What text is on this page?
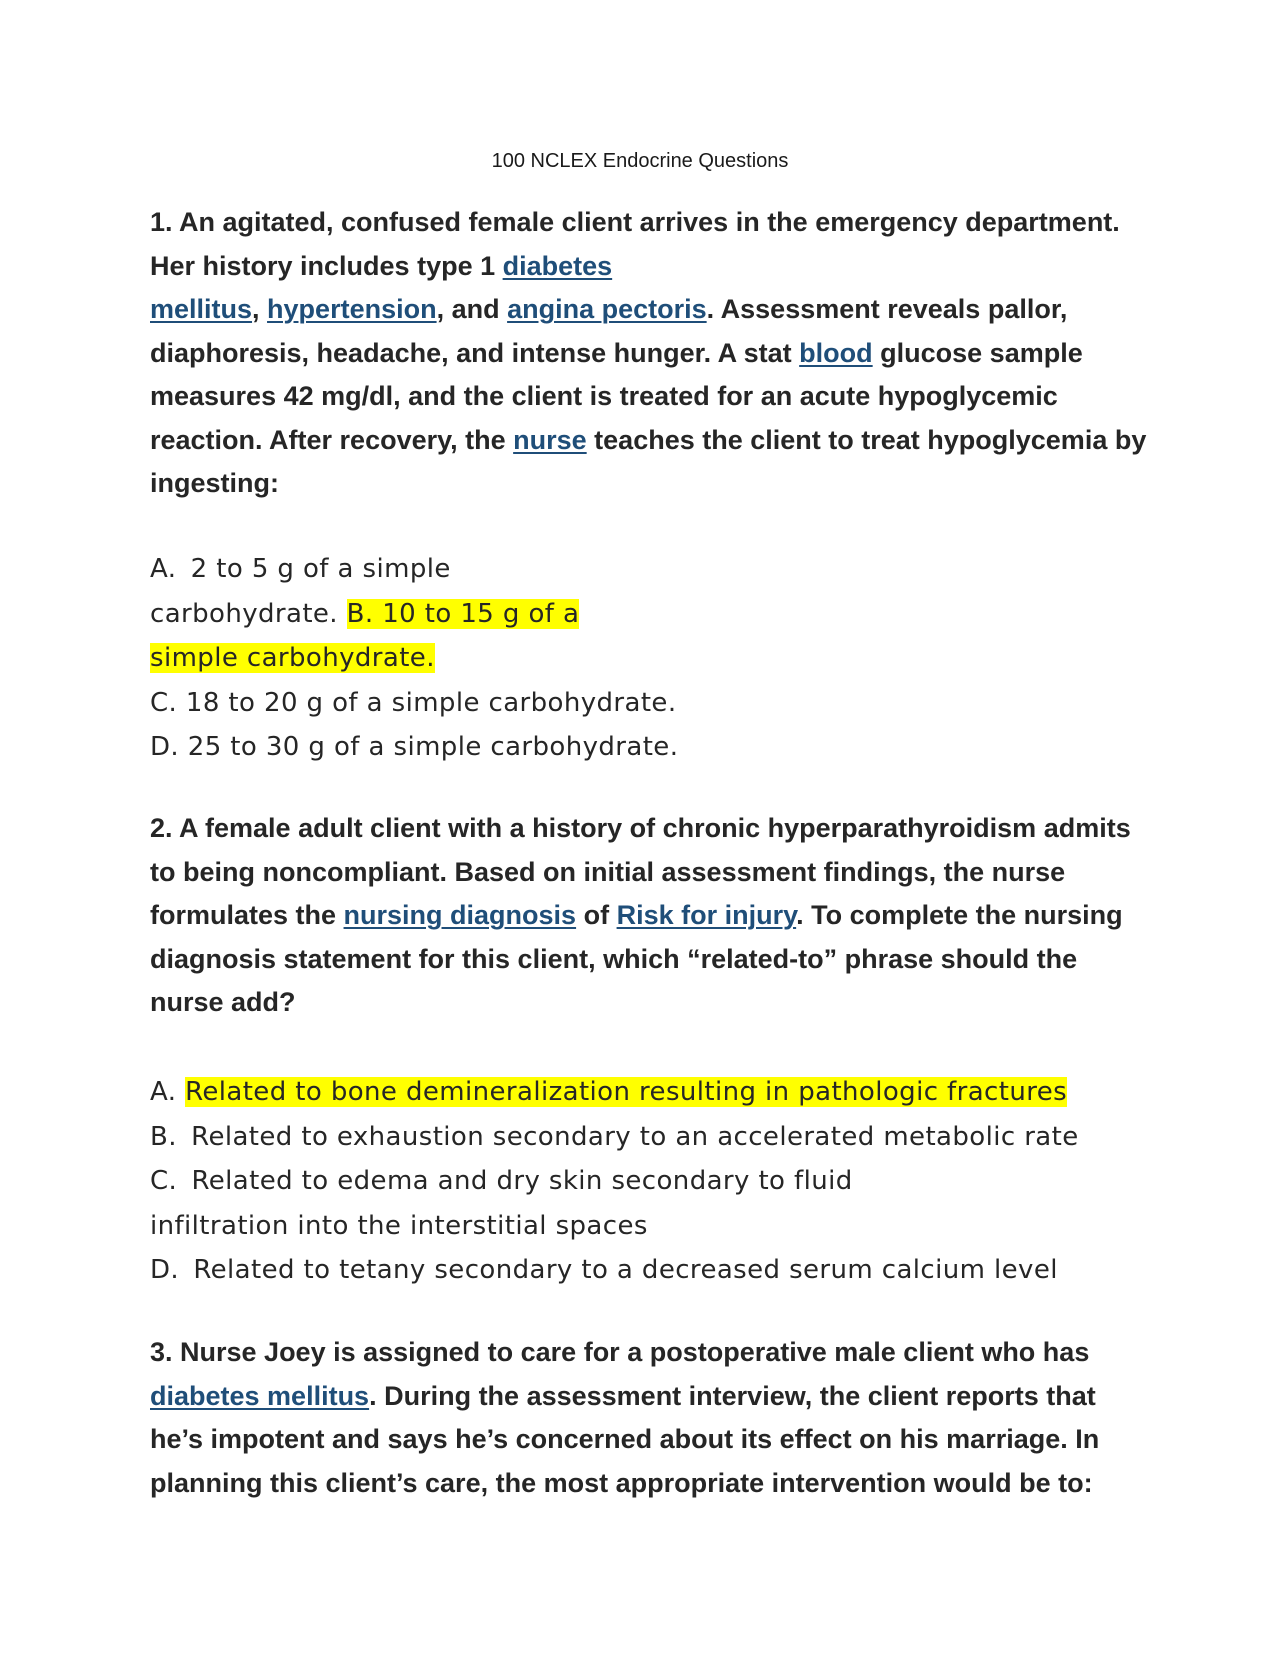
100 NCLEX Endocrine Questions
1. An agitated, confused female client arrives in the emergency department. Her history includes type 1 diabetes
mellitus, hypertension, and angina pectoris. Assessment reveals pallor, diaphoresis, headache, and intense hunger. A stat blood glucose sample measures 42 mg/dl, and the client is treated for an acute hypoglycemic reaction. After recovery, the nurse teaches the client to treat hypoglycemia by ingesting:
A.  2 to 5 g of a simple
carbohydrate. B. 10 to 15 g of a
simple carbohydrate.
C. 18 to 20 g of a simple carbohydrate.
D. 25 to 30 g of a simple carbohydrate.
2. A female adult client with a history of chronic hyperparathyroidism admits to being noncompliant. Based on initial assessment findings, the nurse formulates the nursing diagnosis of Risk for injury. To complete the nursing diagnosis statement for this client, which “related-to” phrase should the nurse add?
A. Related to bone demineralization resulting in pathologic fractures
B.  Related to exhaustion secondary to an accelerated metabolic rate
C.  Related to edema and dry skin secondary to fluid
infiltration into the interstitial spaces
D.  Related to tetany secondary to a decreased serum calcium level
3. Nurse Joey is assigned to care for a postoperative male client who has diabetes mellitus. During the assessment interview, the client reports that he’s impotent and says he’s concerned about its effect on his marriage. In planning this client’s care, the most appropriate intervention would be to:
